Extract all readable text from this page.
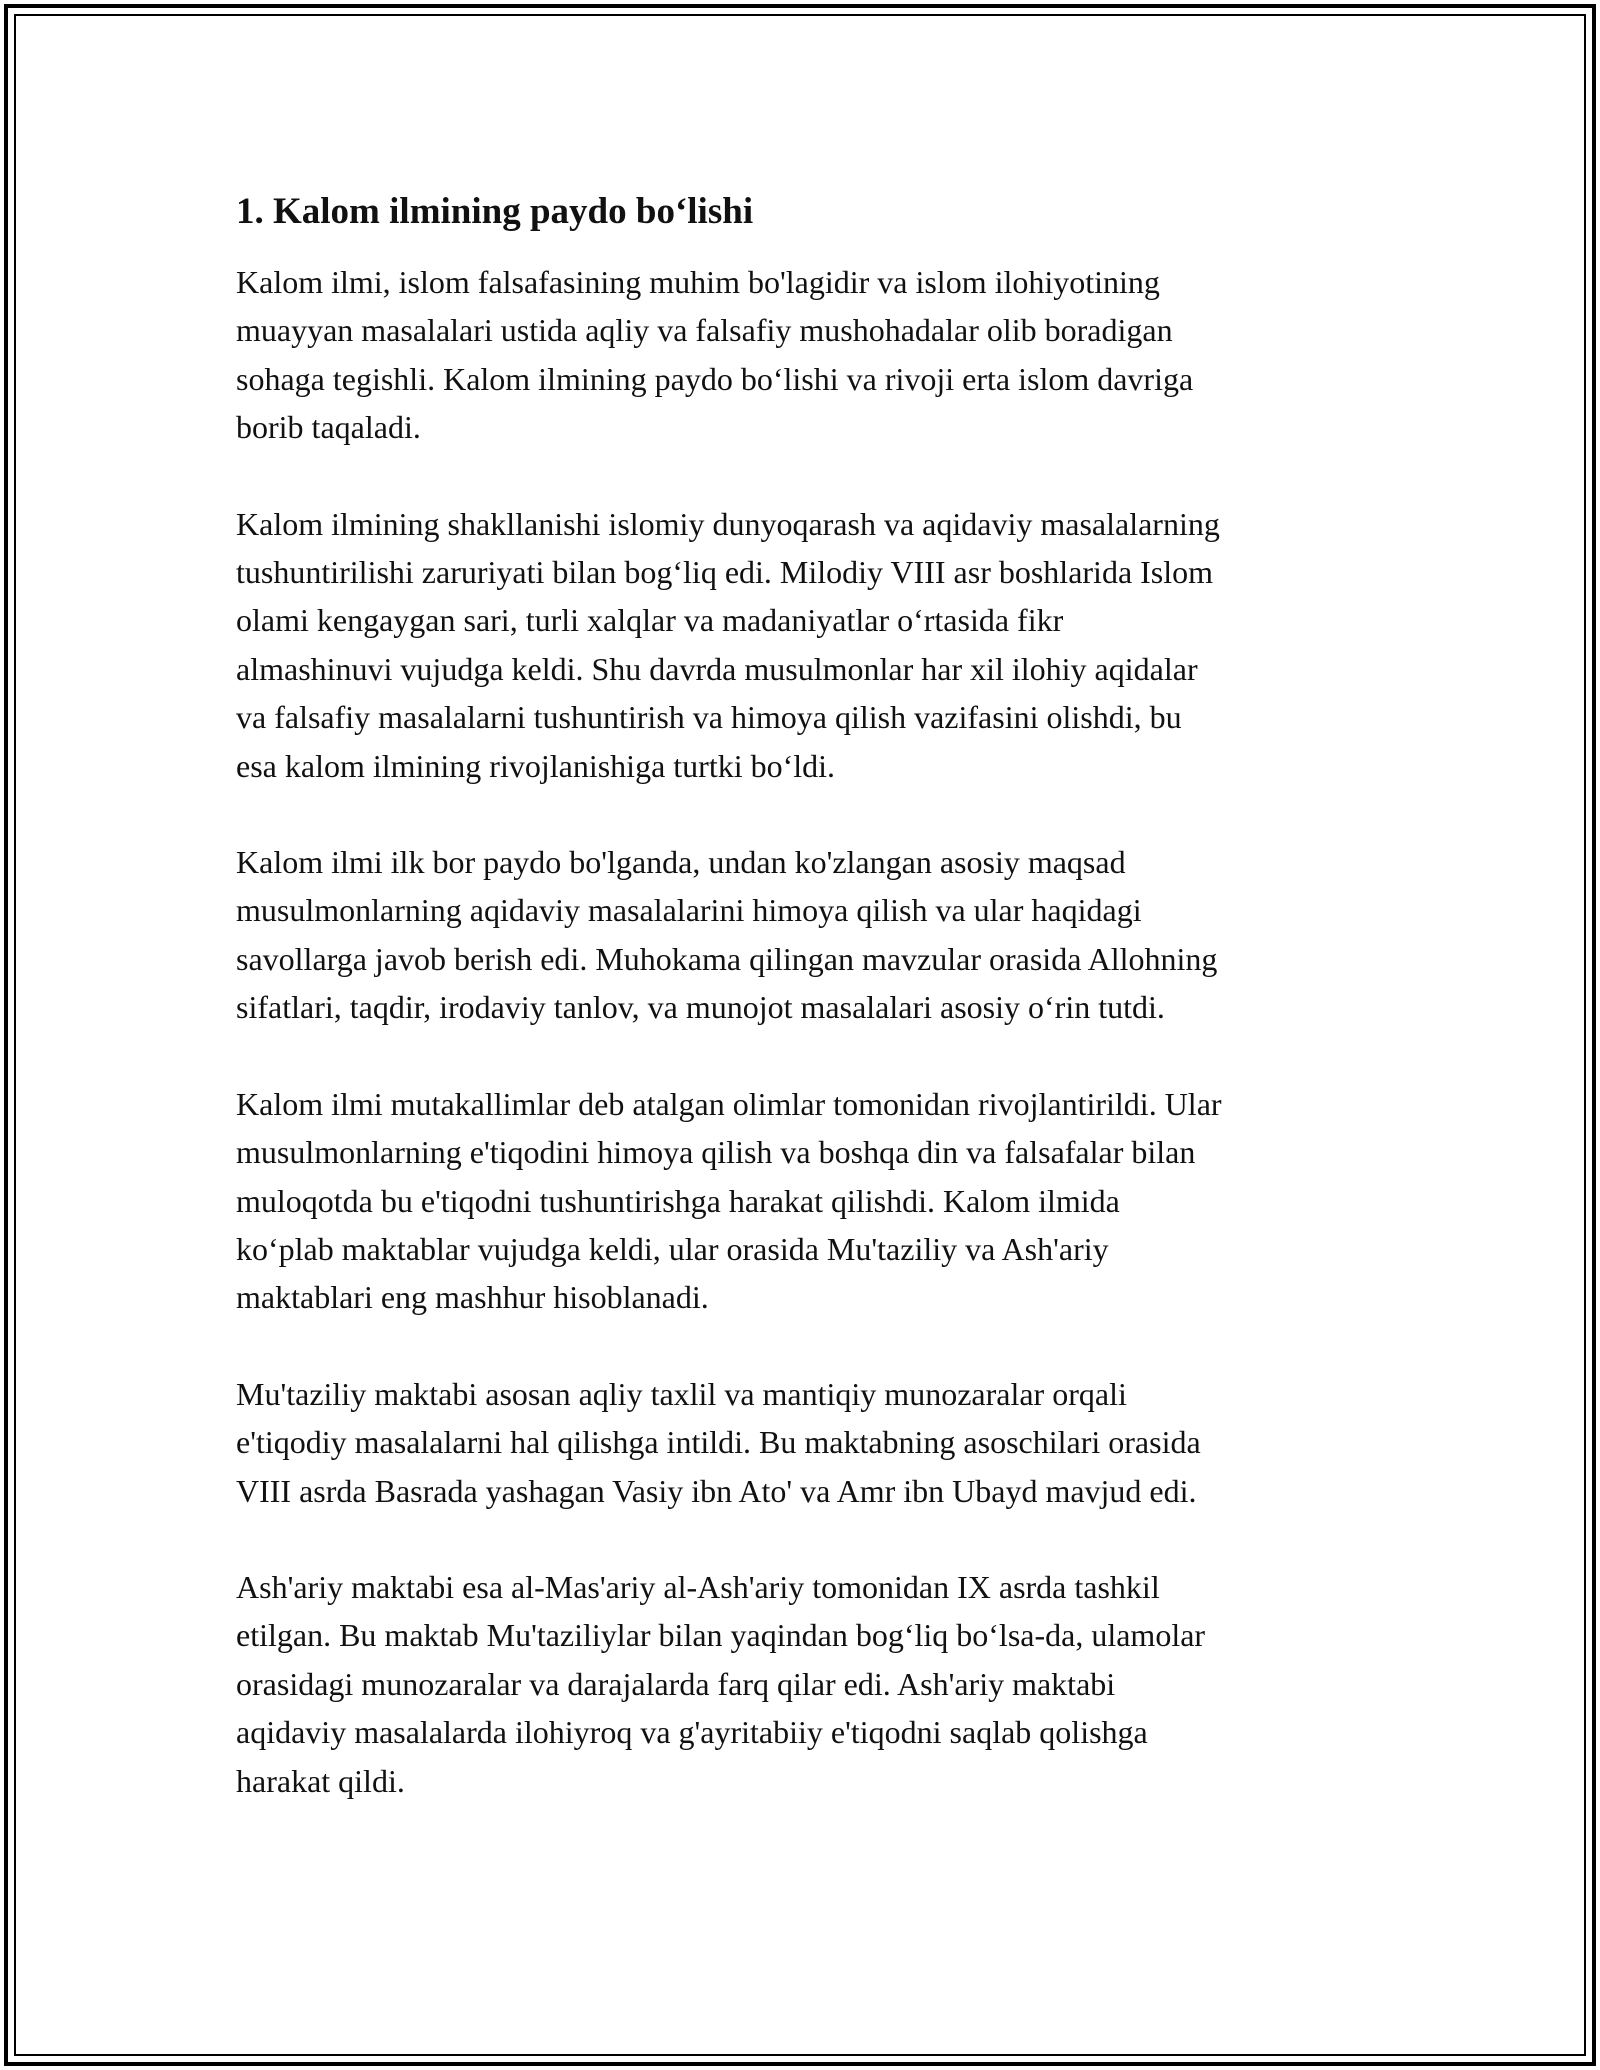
1. Kalom ilmining paydo bo‘lishi
Kalom ilmi, islom falsafasining muhim bo'lagidir va islom ilohiyotining
muayyan masalalari ustida aqliy va falsafiy mushohadalar olib boradigan
sohaga tegishli. Kalom ilmining paydo bo‘lishi va rivoji erta islom davriga
borib taqaladi.
Kalom ilmining shakllanishi islomiy dunyoqarash va aqidaviy masalalarning
tushuntirilishi zaruriyati bilan bog‘liq edi. Milodiy VIII asr boshlarida Islom
olami kengaygan sari, turli xalqlar va madaniyatlar o‘rtasida fikr
almashinuvi vujudga keldi. Shu davrda musulmonlar har xil ilohiy aqidalar
va falsafiy masalalarni tushuntirish va himoya qilish vazifasini olishdi, bu
esa kalom ilmining rivojlanishiga turtki bo‘ldi.
Kalom ilmi ilk bor paydo bo'lganda, undan ko'zlangan asosiy maqsad
musulmonlarning aqidaviy masalalarini himoya qilish va ular haqidagi
savollarga javob berish edi. Muhokama qilingan mavzular orasida Allohning
sifatlari, taqdir, irodaviy tanlov, va munojot masalalari asosiy o‘rin tutdi.
Kalom ilmi mutakallimlar deb atalgan olimlar tomonidan rivojlantirildi. Ular
musulmonlarning e'tiqodini himoya qilish va boshqa din va falsafalar bilan
muloqotda bu e'tiqodni tushuntirishga harakat qilishdi. Kalom ilmida
ko‘plab maktablar vujudga keldi, ular orasida Mu'taziliy va Ash'ariy
maktablari eng mashhur hisoblanadi.
Mu'taziliy maktabi asosan aqliy taxlil va mantiqiy munozaralar orqali
e'tiqodiy masalalarni hal qilishga intildi. Bu maktabning asoschilari orasida
VIII asrda Basrada yashagan Vasiy ibn Ato' va Amr ibn Ubayd mavjud edi.
Ash'ariy maktabi esa al-Mas'ariy al-Ash'ariy tomonidan IX asrda tashkil
etilgan. Bu maktab Mu'taziliylar bilan yaqindan bog‘liq bo‘lsa-da, ulamolar
orasidagi munozaralar va darajalarda farq qilar edi. Ash'ariy maktabi
aqidaviy masalalarda ilohiyroq va g'ayritabiiy e'tiqodni saqlab qolishga
harakat qildi.
